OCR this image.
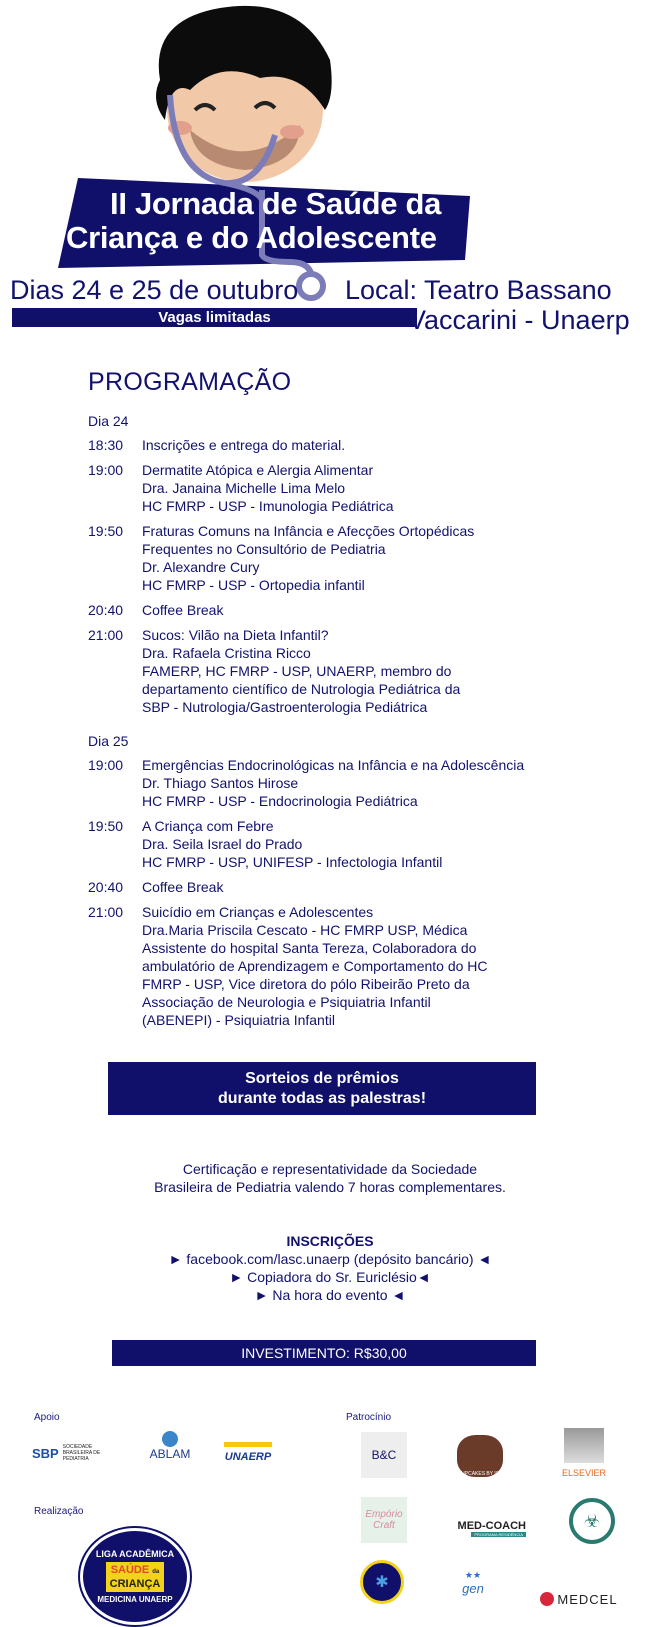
II Jornada de Saúde da
Criança e do Adolescente
Dias 24 e 25 de outubro
Vagas limitadas
Local: Teatro Bassano
Vaccarini - Unaerp
PROGRAMAÇÃO
Dia 24
18:30	Inscrições e entrega do material.
19:00	Dermatite Atópica e Alergia Alimentar
Dra. Janaina Michelle Lima Melo
HC FMRP - USP - Imunologia Pediátrica
19:50	Fraturas Comuns na Infância e Afecções Ortopédicas
Frequentes no Consultório de Pediatria
Dr. Alexandre Cury
HC FMRP - USP - Ortopedia infantil
20:40	Coffee Break
21:00	Sucos: Vilão na Dieta Infantil?
Dra. Rafaela Cristina Ricco
FAMERP, HC FMRP - USP, UNAERP, membro do
departamento científico de Nutrologia Pediátrica da
SBP - Nutrologia/Gastroenterologia Pediátrica
Dia 25
19:00	Emergências Endocrinológicas na Infância e na Adolescência
Dr. Thiago Santos Hirose
HC FMRP - USP - Endocrinologia Pediátrica
19:50	A Criança com Febre
Dra. Seila Israel do Prado
HC FMRP - USP, UNIFESP - Infectologia Infantil
20:40	Coffee Break
21:00	Suicídio em Crianças e Adolescentes
Dra.Maria Priscila Cescato - HC FMRP USP, Médica
Assistente do hospital Santa Tereza, Colaboradora do
ambulatório de Aprendizagem e Comportamento do HC
FMRP - USP, Vice diretora do pólo Ribeirão Preto da
Associação de Neurologia e Psiquiatria Infantil
(ABENEPI) - Psiquiatria Infantil
Sorteios de prêmios
durante todas as palestras!
Certificação e representatividade da Sociedade
Brasileira de Pediatria valendo 7 horas complementares.
INSCRIÇÕES
► facebook.com/lasc.unaerp (depósito bancário) ◄
► Copiadora do Sr. Euriclésio◄
► Na hora do evento ◄
INVESTIMENTO: R$30,00
Apoio	Patrocínio
Realização
SBP SOCIEDADE BRASILEIRA DE PEDIATRIA	ABLAM	UNAERP	B&C
CUPCAKES BY ISA	ELSEVIER
Empório Craft	MED-COACH
PROGRAMA RESIDÊNCIA
☣
✱	★★
gen
MEDCEL
LIGA ACADÊMICA
SAÚDE da
CRIANÇA
MEDICINA UNAERP
